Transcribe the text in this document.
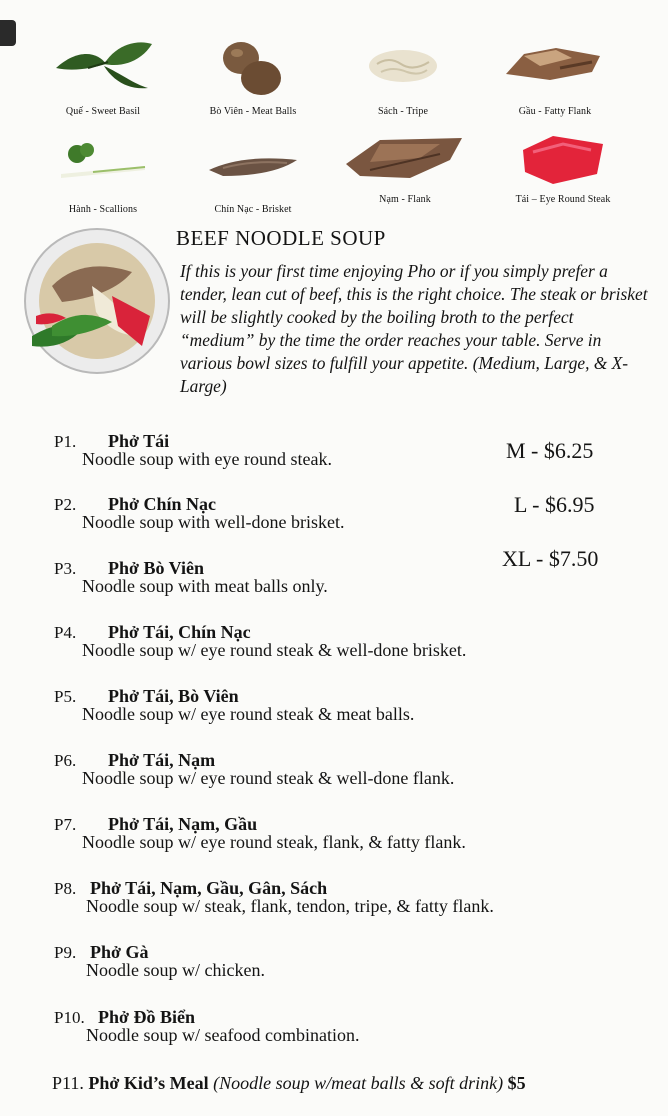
Quế - Sweet Basil	Bò Viên - Meat Balls	Sách - Tripe	Gầu - Fatty Flank
Hành - Scallions	Chín Nạc - Brisket
Nạm - Flank	Tái – Eye Round Steak
BEEF NOODLE SOUP
If this is your first time enjoying Pho or if you simply prefer a tender, lean cut of beef, this is the right choice. The steak or brisket will be slightly cooked by the boiling broth to the perfect “medium” by the time the order reaches your table. Serve in various bowl sizes to fulfill your appetite. (Medium, Large, & X-Large)
M - $6.25
L - $6.95
XL - $7.50
P1. Phở Tái
Noodle soup with eye round steak.
P2. Phở Chín Nạc
Noodle soup with well-done brisket.
P3. Phở Bò Viên
Noodle soup with meat balls only.
P4. Phở Tái, Chín Nạc
Noodle soup w/ eye round steak & well-done brisket.
P5. Phở Tái, Bò Viên
Noodle soup w/ eye round steak & meat balls.
P6. Phở Tái, Nạm
Noodle soup w/ eye round steak & well-done flank.
P7. Phở Tái, Nạm, Gầu
Noodle soup w/ eye round steak, flank, & fatty flank.
P8. Phở Tái, Nạm, Gầu, Gân, Sách
Noodle soup w/ steak, flank, tendon, tripe, & fatty flank.
P9. Phở Gà
Noodle soup w/ chicken.
P10. Phở Đồ Biển
Noodle soup w/ seafood combination.
P11. Phở Kid’s Meal (Noodle soup w/meat balls & soft drink) $5
